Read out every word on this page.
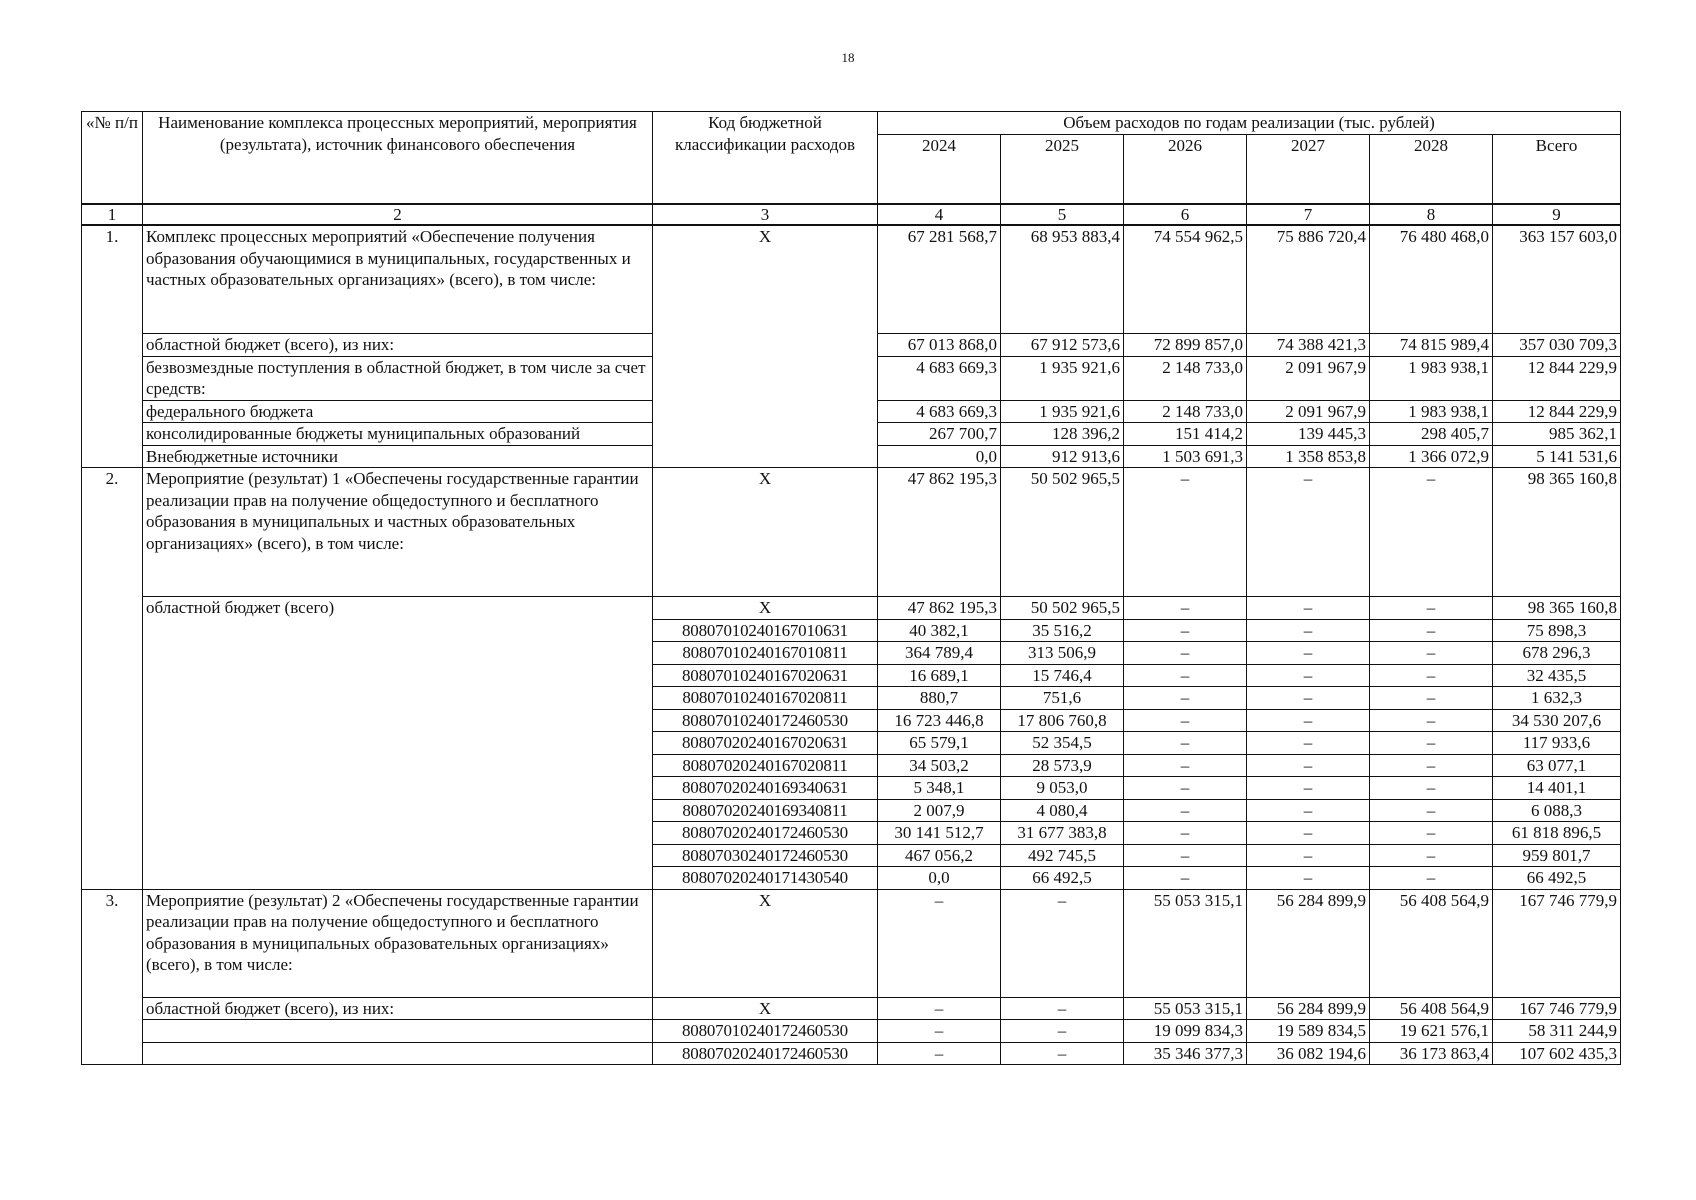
18
«№ п/п	Наименование комплекса процессных мероприятий, мероприятия (результата), источник финансового обеспечения	Код бюджетной классификации расходов	Объем расходов по годам реализации (тыс. рублей)					
			2024	2025	2026	2027	2028	Всего
1	2	3	4	5	6	7	8	9
1.	Комплекс процессных мероприятий «Обеспечение получения образования обучающимися в муниципальных, государственных и частных образовательных организациях» (всего), в том числе:	Х	67 281 568,7	68 953 883,4	74 554 962,5	75 886 720,4	76 480 468,0	363 157 603,0
	областной бюджет (всего), из них:		67 013 868,0	67 912 573,6	72 899 857,0	74 388 421,3	74 815 989,4	357 030 709,3
	безвозмездные поступления в областной бюджет, в том числе за счет средств:		4 683 669,3	1 935 921,6	2 148 733,0	2 091 967,9	1 983 938,1	12 844 229,9
	федерального бюджета		4 683 669,3	1 935 921,6	2 148 733,0	2 091 967,9	1 983 938,1	12 844 229,9
	консолидированные бюджеты муниципальных образований		267 700,7	128 396,2	151 414,2	139 445,3	298 405,7	985 362,1
	Внебюджетные источники		0,0	912 913,6	1 503 691,3	1 358 853,8	1 366 072,9	5 141 531,6
2.	Мероприятие (результат) 1 «Обеспечены государственные гарантии реализации прав на получение общедоступного и бесплатного образования в муниципальных и частных образовательных организациях» (всего), в том числе:	Х	47 862 195,3	50 502 965,5	–	–	–	98 365 160,8
	областной бюджет (всего)	Х	47 862 195,3	50 502 965,5	–	–	–	98 365 160,8
		80807010240167010631	40 382,1	35 516,2	–	–	–	75 898,3
		80807010240167010811	364 789,4	313 506,9	–	–	–	678 296,3
		80807010240167020631	16 689,1	15 746,4	–	–	–	32 435,5
		80807010240167020811	880,7	751,6	–	–	–	1 632,3
		80807010240172460530	16 723 446,8	17 806 760,8	–	–	–	34 530 207,6
		80807020240167020631	65 579,1	52 354,5	–	–	–	117 933,6
		80807020240167020811	34 503,2	28 573,9	–	–	–	63 077,1
		80807020240169340631	5 348,1	9 053,0	–	–	–	14 401,1
		80807020240169340811	2 007,9	4 080,4	–	–	–	6 088,3
		80807020240172460530	30 141 512,7	31 677 383,8	–	–	–	61 818 896,5
		80807030240172460530	467 056,2	492 745,5	–	–	–	959 801,7
		80807020240171430540	0,0	66 492,5	–	–	–	66 492,5
3.	Мероприятие (результат) 2 «Обеспечены государственные гарантии реализации прав на получение общедоступного и бесплатного образования в муниципальных образовательных организациях» (всего), в том числе:	Х	–	–	55 053 315,1	56 284 899,9	56 408 564,9	167 746 779,9
	областной бюджет (всего), из них:	Х	–	–	55 053 315,1	56 284 899,9	56 408 564,9	167 746 779,9
		80807010240172460530	–	–	19 099 834,3	19 589 834,5	19 621 576,1	58 311 244,9
		80807020240172460530	–	–	35 346 377,3	36 082 194,6	36 173 863,4	107 602 435,3
